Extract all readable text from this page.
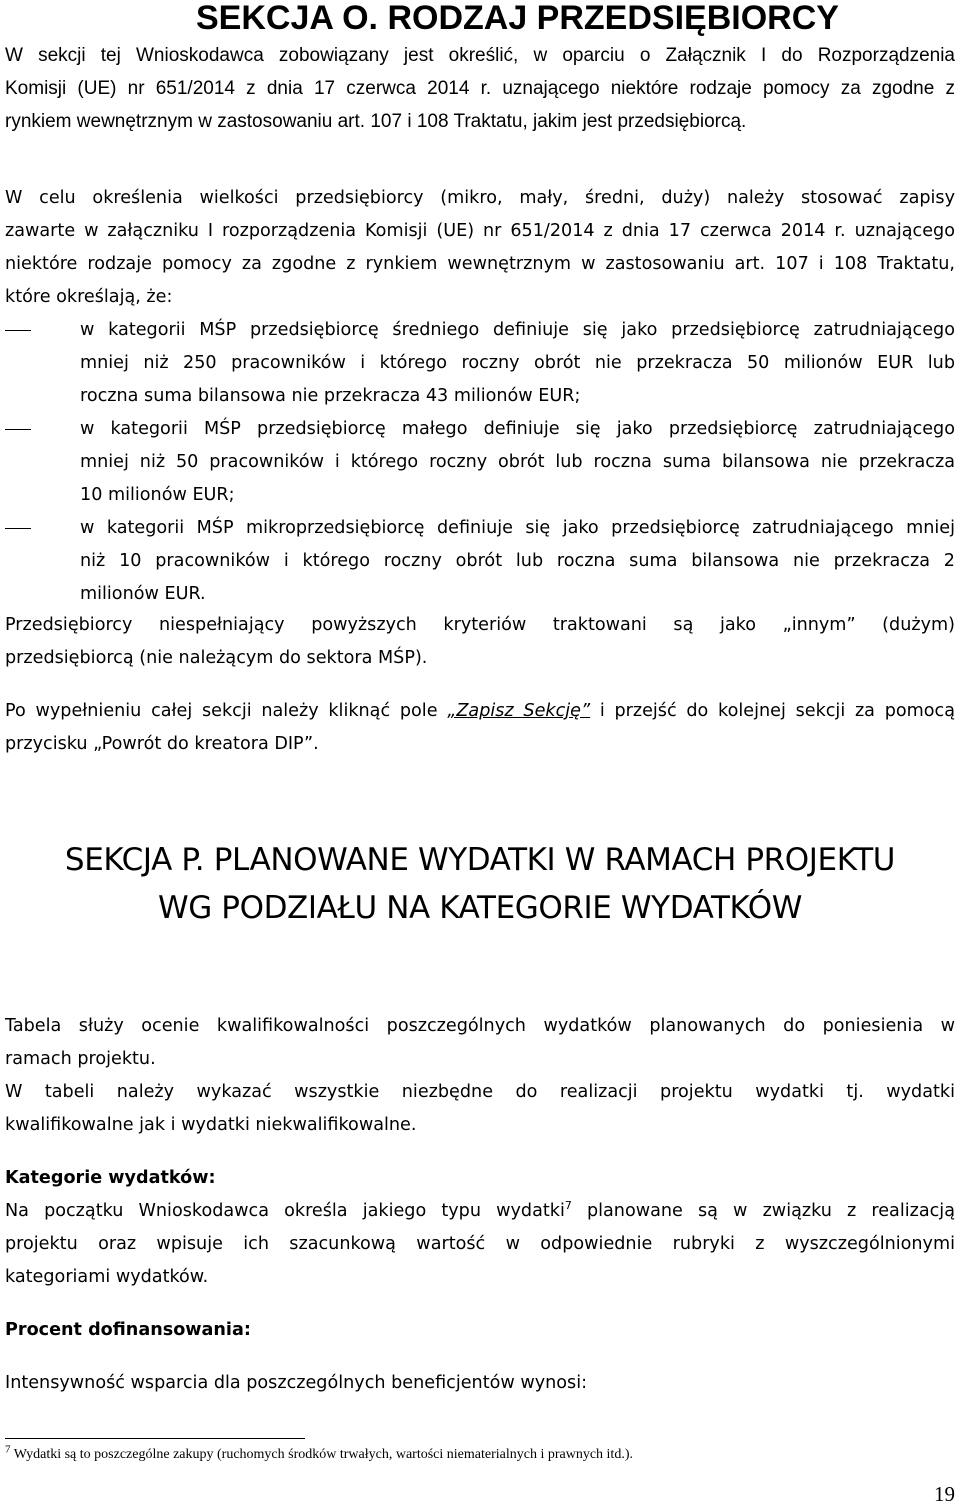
SEKCJA O. RODZAJ PRZEDSIĘBIORCY
W sekcji tej Wnioskodawca zobowiązany jest określić, w oparciu o Załącznik I do Rozporządzenia
Komisji (UE) nr 651/2014 z dnia 17 czerwca 2014 r. uznającego niektóre rodzaje pomocy za zgodne z
rynkiem wewnętrznym w zastosowaniu art. 107 i 108 Traktatu, jakim jest przedsiębiorcą.
W celu określenia wielkości przedsiębiorcy (mikro, mały, średni, duży) należy stosować zapisy
zawarte w załączniku I rozporządzenia Komisji (UE) nr 651/2014 z dnia 17 czerwca 2014 r. uznającego
niektóre rodzaje pomocy za zgodne z rynkiem wewnętrznym w zastosowaniu art. 107 i 108 Traktatu,
które określają, że:
w kategorii MŚP przedsiębiorcę średniego definiuje się jako przedsiębiorcę zatrudniającego
mniej niż 250 pracowników i którego roczny obrót nie przekracza 50 milionów EUR lub
roczna suma bilansowa nie przekracza 43 milionów EUR;
w kategorii MŚP przedsiębiorcę małego definiuje się jako przedsiębiorcę zatrudniającego
mniej niż 50 pracowników i którego roczny obrót lub roczna suma bilansowa nie przekracza
10 milionów EUR;
w kategorii MŚP mikroprzedsiębiorcę definiuje się jako przedsiębiorcę zatrudniającego mniej
niż 10 pracowników i którego roczny obrót lub roczna suma bilansowa nie przekracza 2
milionów EUR.
Przedsiębiorcy niespełniający powyższych kryteriów traktowani są jako „innym” (dużym)
przedsiębiorcą (nie należącym do sektora MŚP).
Po wypełnieniu całej sekcji należy kliknąć pole „Zapisz Sekcję” i przejść do kolejnej sekcji za pomocą
przycisku „Powrót do kreatora DIP”.
SEKCJA P. PLANOWANE WYDATKI W RAMACH PROJEKTU
WG PODZIAŁU NA KATEGORIE WYDATKÓW
Tabela służy ocenie kwalifikowalności poszczególnych wydatków planowanych do poniesienia w
ramach projektu.
W tabeli należy wykazać wszystkie niezbędne do realizacji projektu wydatki tj. wydatki
kwalifikowalne jak i wydatki niekwalifikowalne.
Kategorie wydatków:
Na początku Wnioskodawca określa jakiego typu wydatki$^7$ planowane są w związku z realizacją
projektu oraz wpisuje ich szacunkową wartość w odpowiednie rubryki z wyszczególnionymi
kategoriami wydatków.
Procent dofinansowania:
Intensywność wsparcia dla poszczególnych beneficjentów wynosi:
$^7$ Wydatki są to poszczególne zakupy (ruchomych środków trwałych, wartości niematerialnych i prawnych itd.).
19
